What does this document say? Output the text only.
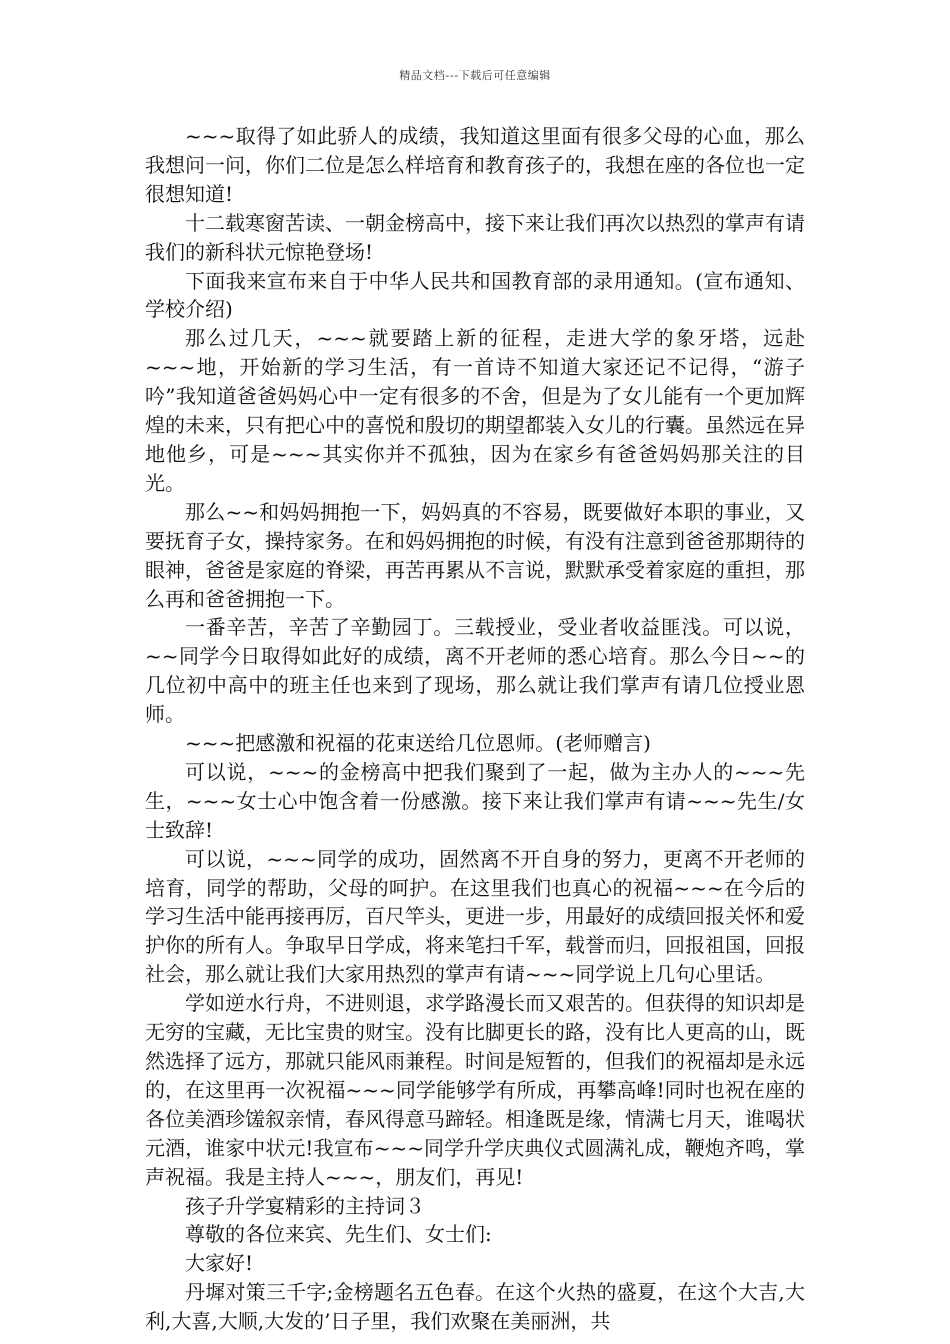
精品文档---下载后可任意编辑

~~~取得了如此骄人的成绩，我知道这里面有很多父母的心血，那么我想问一问，你们二位是怎么样培育和教育孩子的，我想在座的各位也一定很想知道!

十二载寒窗苦读、一朝金榜高中，接下来让我们再次以热烈的掌声有请我们的新科状元惊艳登场!

下面我来宣布来自于中华人民共和国教育部的录用通知。(宣布通知、学校介绍)

那么过几天，~~~就要踏上新的征程，走进大学的象牙塔，远赴~~~地，开始新的学习生活，有一首诗不知道大家还记不记得，“游子吟”我知道爸爸妈妈心中一定有很多的不舍，但是为了女儿能有一个更加辉煌的未来，只有把心中的喜悦和殷切的期望都装入女儿的行囊。虽然远在异地他乡，可是~~~其实你并不孤独，因为在家乡有爸爸妈妈那关注的目光。

那么~~和妈妈拥抱一下，妈妈真的不容易，既要做好本职的事业，又要抚育子女，操持家务。在和妈妈拥抱的时候，有没有注意到爸爸那期待的眼神，爸爸是家庭的脊梁，再苦再累从不言说，默默承受着家庭的重担，那么再和爸爸拥抱一下。

一番辛苦，辛苦了辛勤园丁。三载授业，受业者收益匪浅。可以说，~~同学今日取得如此好的成绩，离不开老师的悉心培育。那么今日~~的几位初中高中的班主任也来到了现场，那么就让我们掌声有请几位授业恩师。

~~~把感激和祝福的花束送给几位恩师。(老师赠言)

可以说，~~~的金榜高中把我们聚到了一起，做为主办人的~~~先生，~~~女士心中饱含着一份感激。接下来让我们掌声有请~~~先生/女士致辞!

可以说，~~~同学的成功，固然离不开自身的努力，更离不开老师的培育，同学的帮助，父母的呵护。在这里我们也真心的祝福~~~在今后的学习生活中能再接再厉，百尺竿头，更进一步，用最好的成绩回报关怀和爱护你的所有人。争取早日学成，将来笔扫千军，载誉而归，回报祖国，回报社会，那么就让我们大家用热烈的掌声有请~~~同学说上几句心里话。

学如逆水行舟，不进则退，求学路漫长而又艰苦的。但获得的知识却是无穷的宝藏，无比宝贵的财宝。没有比脚更长的路，没有比人更高的山，既然选择了远方，那就只能风雨兼程。时间是短暂的，但我们的祝福却是永远的，在这里再一次祝福~~~同学能够学有所成，再攀高峰!同时也祝在座的各位美酒珍馐叙亲情，春风得意马蹄轻。相逢既是缘，情满七月天，谁喝状元酒，谁家中状元!我宣布~~~同学升学庆典仪式圆满礼成，鞭炮齐鸣，掌声祝福。我是主持人~~~，朋友们，再见!

孩子升学宴精彩的主持词３

尊敬的各位来宾、先生们、女士们:

大家好!

丹墀对策三千字;金榜题名五色春。在这个火热的盛夏，在这个大吉,大利,大喜,大顺,大发的’日子里，我们欢聚在美丽洲，共
